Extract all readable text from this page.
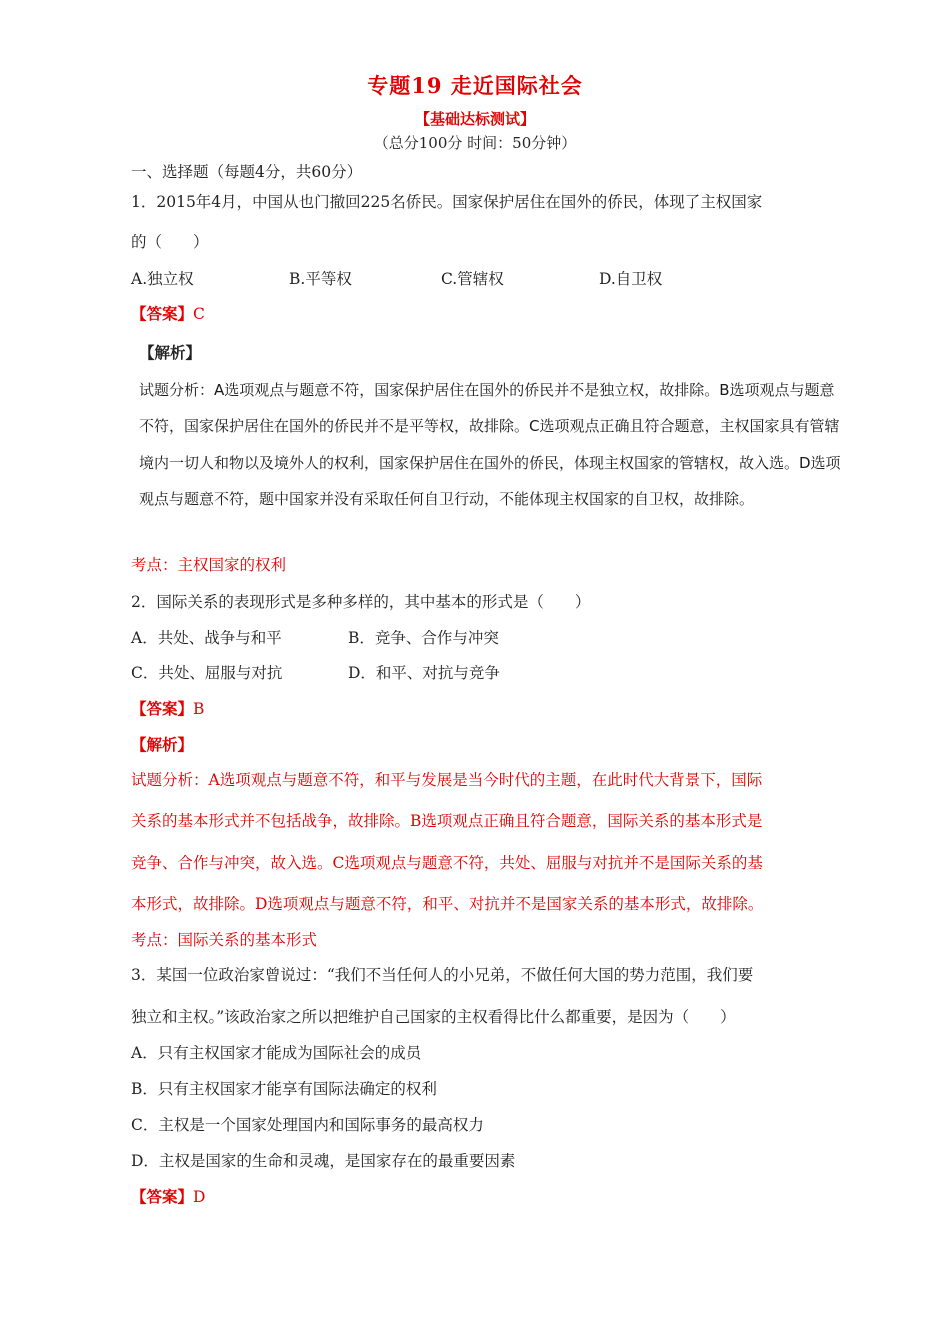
专题19 走近国际社会
【基础达标测试】
（总分100分 时间：50分钟）
一、选择题（每题4分，共60分）
1．2015年4月，中国从也门撤回225名侨民。国家保护居住在国外的侨民，体现了主权国家
的（　　）
A.独立权	B.平等权	C.管辖权	D.自卫权
【答案】C
【解析】
试题分析：A选项观点与题意不符，国家保护居住在国外的侨民并不是独立权，故排除。B选项观点与题意
不符，国家保护居住在国外的侨民并不是平等权，故排除。C选项观点正确且符合题意，主权国家具有管辖
境内一切人和物以及境外人的权利，国家保护居住在国外的侨民，体现主权国家的管辖权，故入选。D选项
观点与题意不符，题中国家并没有采取任何自卫行动，不能体现主权国家的自卫权，故排除。
考点：主权国家的权利
2．国际关系的表现形式是多种多样的，其中基本的形式是（　　）
A．共处、战争与和平	B．竞争、合作与冲突
C．共处、屈服与对抗	D．和平、对抗与竞争
【答案】B
【解析】
试题分析：A选项观点与题意不符，和平与发展是当今时代的主题，在此时代大背景下，国际
关系的基本形式并不包括战争，故排除。B选项观点正确且符合题意，国际关系的基本形式是
竞争、合作与冲突，故入选。C选项观点与题意不符，共处、屈服与对抗并不是国际关系的基
本形式，故排除。D选项观点与题意不符，和平、对抗并不是国家关系的基本形式，故排除。
考点：国际关系的基本形式
3．某国一位政治家曾说过：“我们不当任何人的小兄弟，不做任何大国的势力范围，我们要
独立和主权。”该政治家之所以把维护自己国家的主权看得比什么都重要，是因为（　　）
A．只有主权国家才能成为国际社会的成员
B．只有主权国家才能享有国际法确定的权利
C．主权是一个国家处理国内和国际事务的最高权力
D．主权是国家的生命和灵魂，是国家存在的最重要因素
【答案】D
